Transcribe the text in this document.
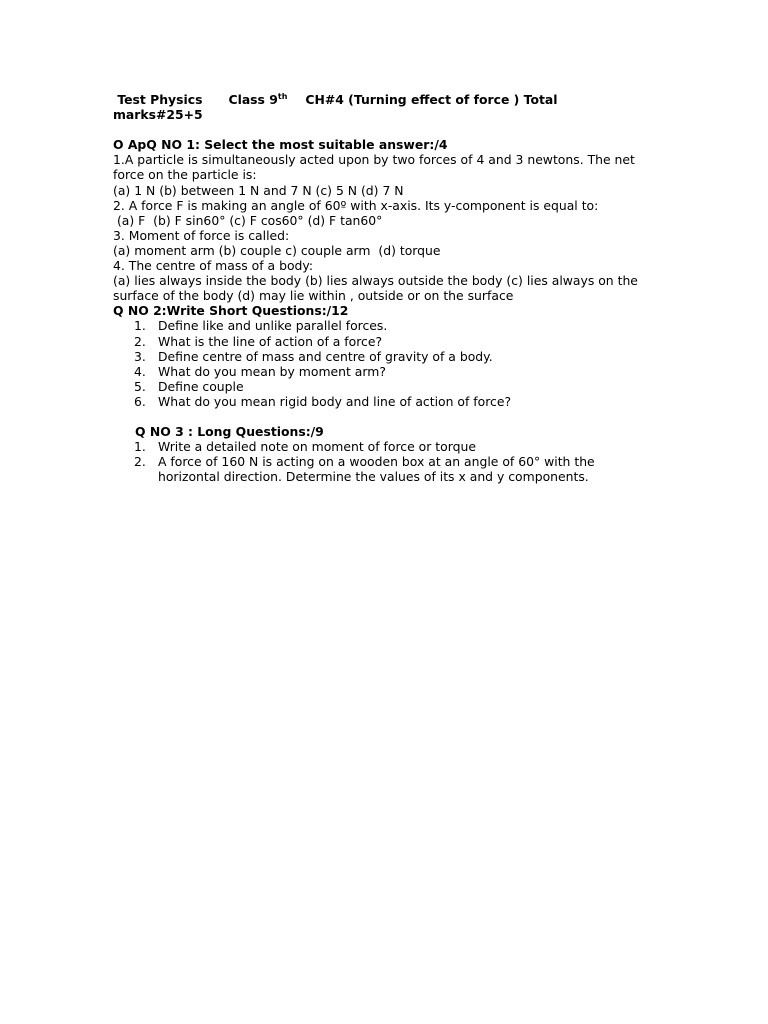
Test Physics Class 9th CH#4 (Turning effect of force ) Total
marks#25+5

O ApQ NO 1: Select the most suitable answer:/4

1.A particle is simultaneously acted upon by two forces of 4 and 3 newtons. The net force on the particle is:

(a) 1 N (b) between 1 N and 7 N (c) 5 N (d) 7 N

2. A force F is making an angle of 60º with x-axis. Its y-component is equal to:

(a) F  (b) F sin60° (c) F cos60° (d) F tan60°

3. Moment of force is called:

(a) moment arm (b) couple c) couple arm  (d) torque

4. The centre of mass of a body:

(a) lies always inside the body (b) lies always outside the body (c) lies always on the surface of the body (d) may lie within , outside or on the surface

Q NO 2:Write Short Questions:/12

1. Define like and unlike parallel forces.
2. What is the line of action of a force?
3. Define centre of mass and centre of gravity of a body.
4. What do you mean by moment arm?
5. Define couple
6. What do you mean rigid body and line of action of force?

Q NO 3 : Long Questions:/9

1. Write a detailed note on moment of force or torque
2. A force of 160 N is acting on a wooden box at an angle of 60° with the horizontal direction. Determine the values of its x and y components.
